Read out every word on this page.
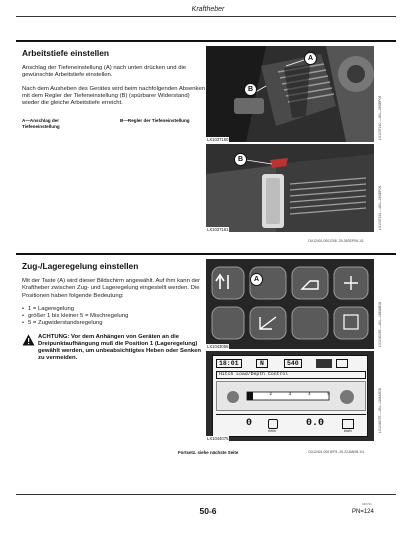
Kraftheber
Arbeitstiefe einstellen
Anschlag der Tiefeneinstellung (A) nach unten drücken und die gewünschte Arbeitstiefe einstellen.
Nach dem Ausheben des Gerätes wird beim nachfolgenden Absenken mit dem Regler der Tiefeneinstellung (B) (spürbarer Widerstand) wieder die gleiche Arbeitstiefe erreicht.
A—Anschlag der Tiefeneinstellung
B—Regler der Tiefeneinstellung
A
B
LX1037160	LX1037160 —UN—26SEP06
B
LX1037161	LX1037161 —UN—26SEP06
OU12401,0001208 -29-26SEP06-1/1
Zug-/Lageregelung einstellen
Mit der Taste (A) wird dieser Bildschirm angewählt. Auf ihm kann der Kraftheber zwischen Zug- und Lageregelung eingestellt werden. Die Positionen haben folgende Bedeutung:
• 1 = Lageregelung
• größer 1 bis kleiner 5 = Mischregelung
• 5 = Zugwiderstandsregelung
ACHTUNG: Vor dem Anhängen von Geräten an die Dreipunktaufhängung muß die Position 1 (Lageregelung) gewählt werden, um unbeabsichtigtes Heben oder Senken zu vermeiden.
A
LX1043055	LX1043055 —UN—18MAR08
18:01	N	540
Hitch Load/Depth Control
1	2	3	4	5
0
r/min
0.0
km/h
LX1044075
LX1044075 —UN—11MAR08
Fortsetz. siehe nächste Seite	OU12401,0001EF8 -29-22JAN08-1/4
040711
50-6	PN=124
